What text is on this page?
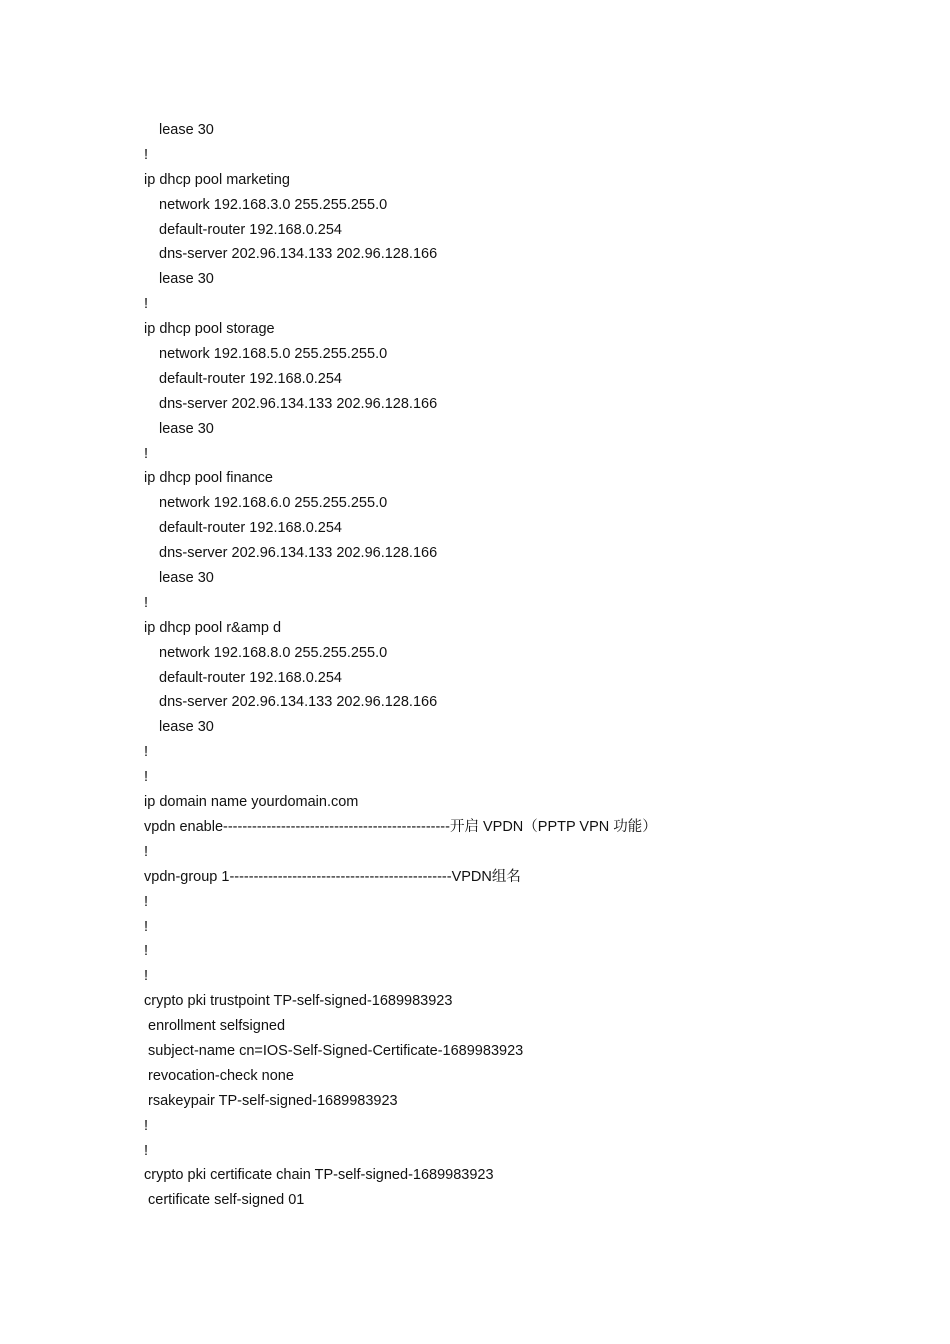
lease 30
!
ip dhcp pool marketing
network 192.168.3.0 255.255.255.0
default-router 192.168.0.254
dns-server 202.96.134.133 202.96.128.166
lease 30
!
ip dhcp pool storage
network 192.168.5.0 255.255.255.0
default-router 192.168.0.254
dns-server 202.96.134.133 202.96.128.166
lease 30
!
ip dhcp pool finance
network 192.168.6.0 255.255.255.0
default-router 192.168.0.254
dns-server 202.96.134.133 202.96.128.166
lease 30
!
ip dhcp pool r&amp d
network 192.168.8.0 255.255.255.0
default-router 192.168.0.254
dns-server 202.96.134.133 202.96.128.166
lease 30
!
!
ip domain name yourdomain.com
vpdn enable-----------------------------------------------开启 VPDN（PPTP VPN 功能）
!
vpdn-group 1----------------------------------------------VPDN组名
!
!
!
!
crypto pki trustpoint TP-self-signed-1689983923
enrollment selfsigned
subject-name cn=IOS-Self-Signed-Certificate-1689983923
revocation-check none
rsakeypair TP-self-signed-1689983923
!
!
crypto pki certificate chain TP-self-signed-1689983923
certificate self-signed 01
